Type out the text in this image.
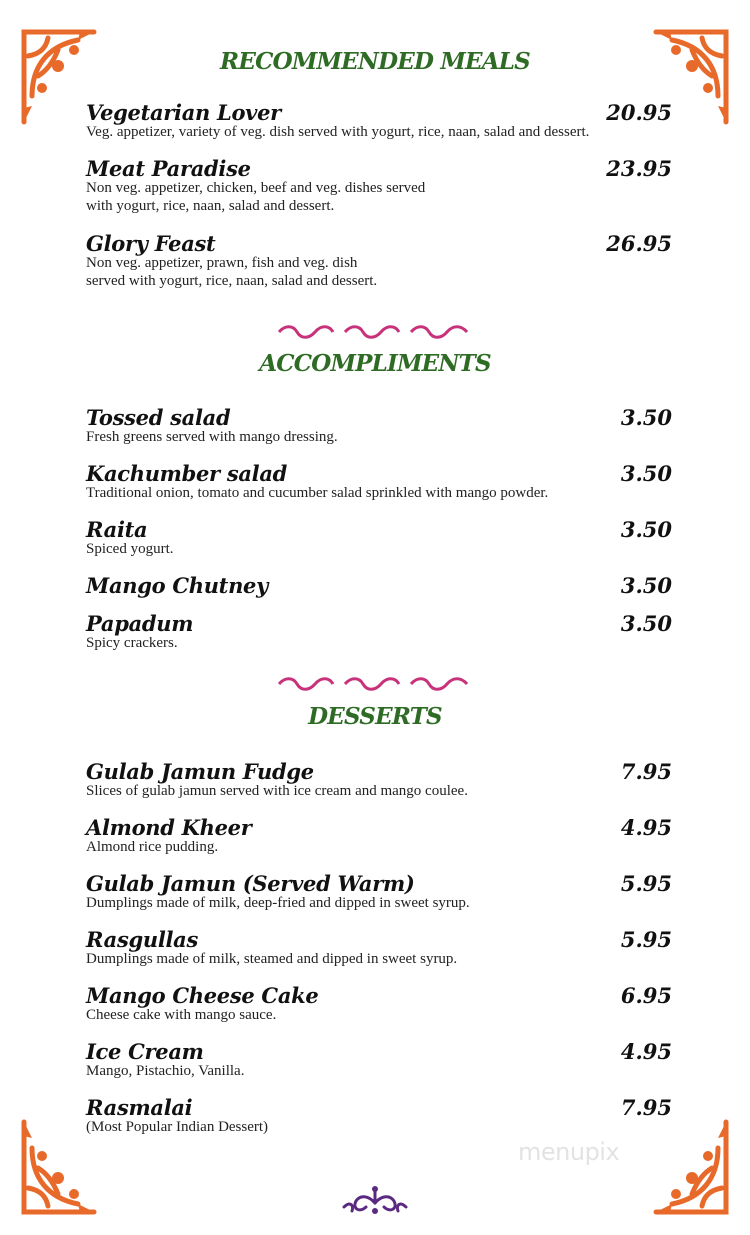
RECOMMENDED MEALS
Vegetarian Lover	20.95
Veg. appetizer, variety of veg. dish served with yogurt, rice, naan, salad and dessert.
Meat Paradise	23.95
Non veg. appetizer, chicken, beef and veg. dishes served
with yogurt, rice, naan, salad and dessert.
Glory Feast	26.95
Non veg. appetizer, prawn, fish and veg. dish
served with yogurt, rice, naan, salad and dessert.
ACCOMPLIMENTS
Tossed salad	3.50
Fresh greens served with mango dressing.
Kachumber salad	3.50
Traditional onion, tomato and cucumber salad sprinkled with mango powder.
Raita	3.50
Spiced yogurt.
Mango Chutney	3.50
Papadum	3.50
Spicy crackers.
DESSERTS
Gulab Jamun Fudge	7.95
Slices of gulab jamun served with ice cream and mango coulee.
Almond Kheer	4.95
Almond rice pudding.
Gulab Jamun (Served Warm)	5.95
Dumplings made of milk, deep-fried and dipped in sweet syrup.
Rasgullas	5.95
Dumplings made of milk, steamed and dipped in sweet syrup.
Mango Cheese Cake	6.95
Cheese cake with mango sauce.
Ice Cream	4.95
Mango, Pistachio, Vanilla.
Rasmalai	7.95
(Most Popular Indian Dessert)
menupix
